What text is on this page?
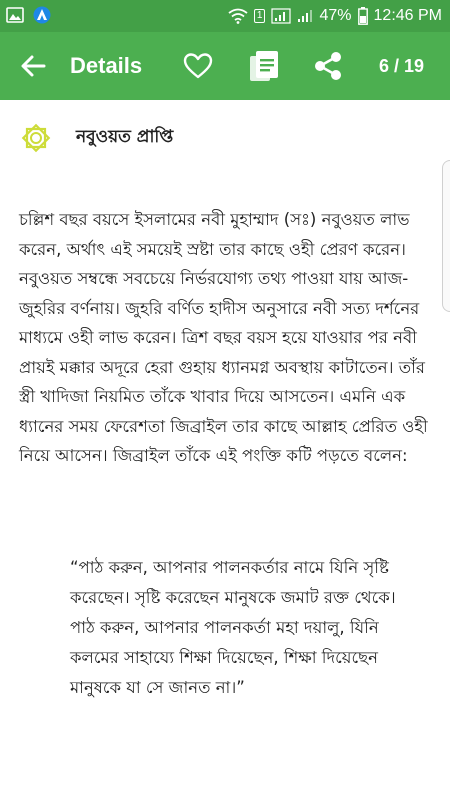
1	47% 12:46 PM
Details	6 / 19
নবুওয়ত প্রাপ্তি
চল্লিশ বছর বয়সে ইসলামের নবী মুহাম্মাদ (সঃ) নবুওয়ত লাভ করেন, অর্থাৎ এই সময়েই স্রষ্টা তার কাছে ওহী প্রেরণ করেন। নবুওয়ত সম্বন্ধে সবচেয়ে নির্ভরযোগ্য তথ্য পাওয়া যায় আজ-জুহরির বর্ণনায়। জুহরি বর্ণিত হাদীস অনুসারে নবী সত্য দর্শনের মাধ্যমে ওহী লাভ করেন। ত্রিশ বছর বয়স হয়ে যাওয়ার পর নবী প্রায়ই মক্কার অদূরে হেরা গুহায় ধ্যানমগ্ন অবস্থায় কাটাতেন। তাঁর স্ত্রী খাদিজা নিয়মিত তাঁকে খাবার দিয়ে আসতেন। এমনি এক ধ্যানের সময় ফেরেশতা জিব্রাইল তার কাছে আল্লাহ প্রেরিত ওহী নিয়ে আসেন। জিব্রাইল তাঁকে এই পংক্তি কটি পড়তে বলেন:
“পাঠ করুন, আপনার পালনকর্তার নামে যিনি সৃষ্টি করেছেন। সৃষ্টি করেছেন মানুষকে জমাট রক্ত থেকে। পাঠ করুন, আপনার পালনকর্তা মহা দয়ালু, যিনি কলমের সাহায্যে শিক্ষা দিয়েছেন, শিক্ষা দিয়েছেন মানুষকে যা সে জানত না।”
